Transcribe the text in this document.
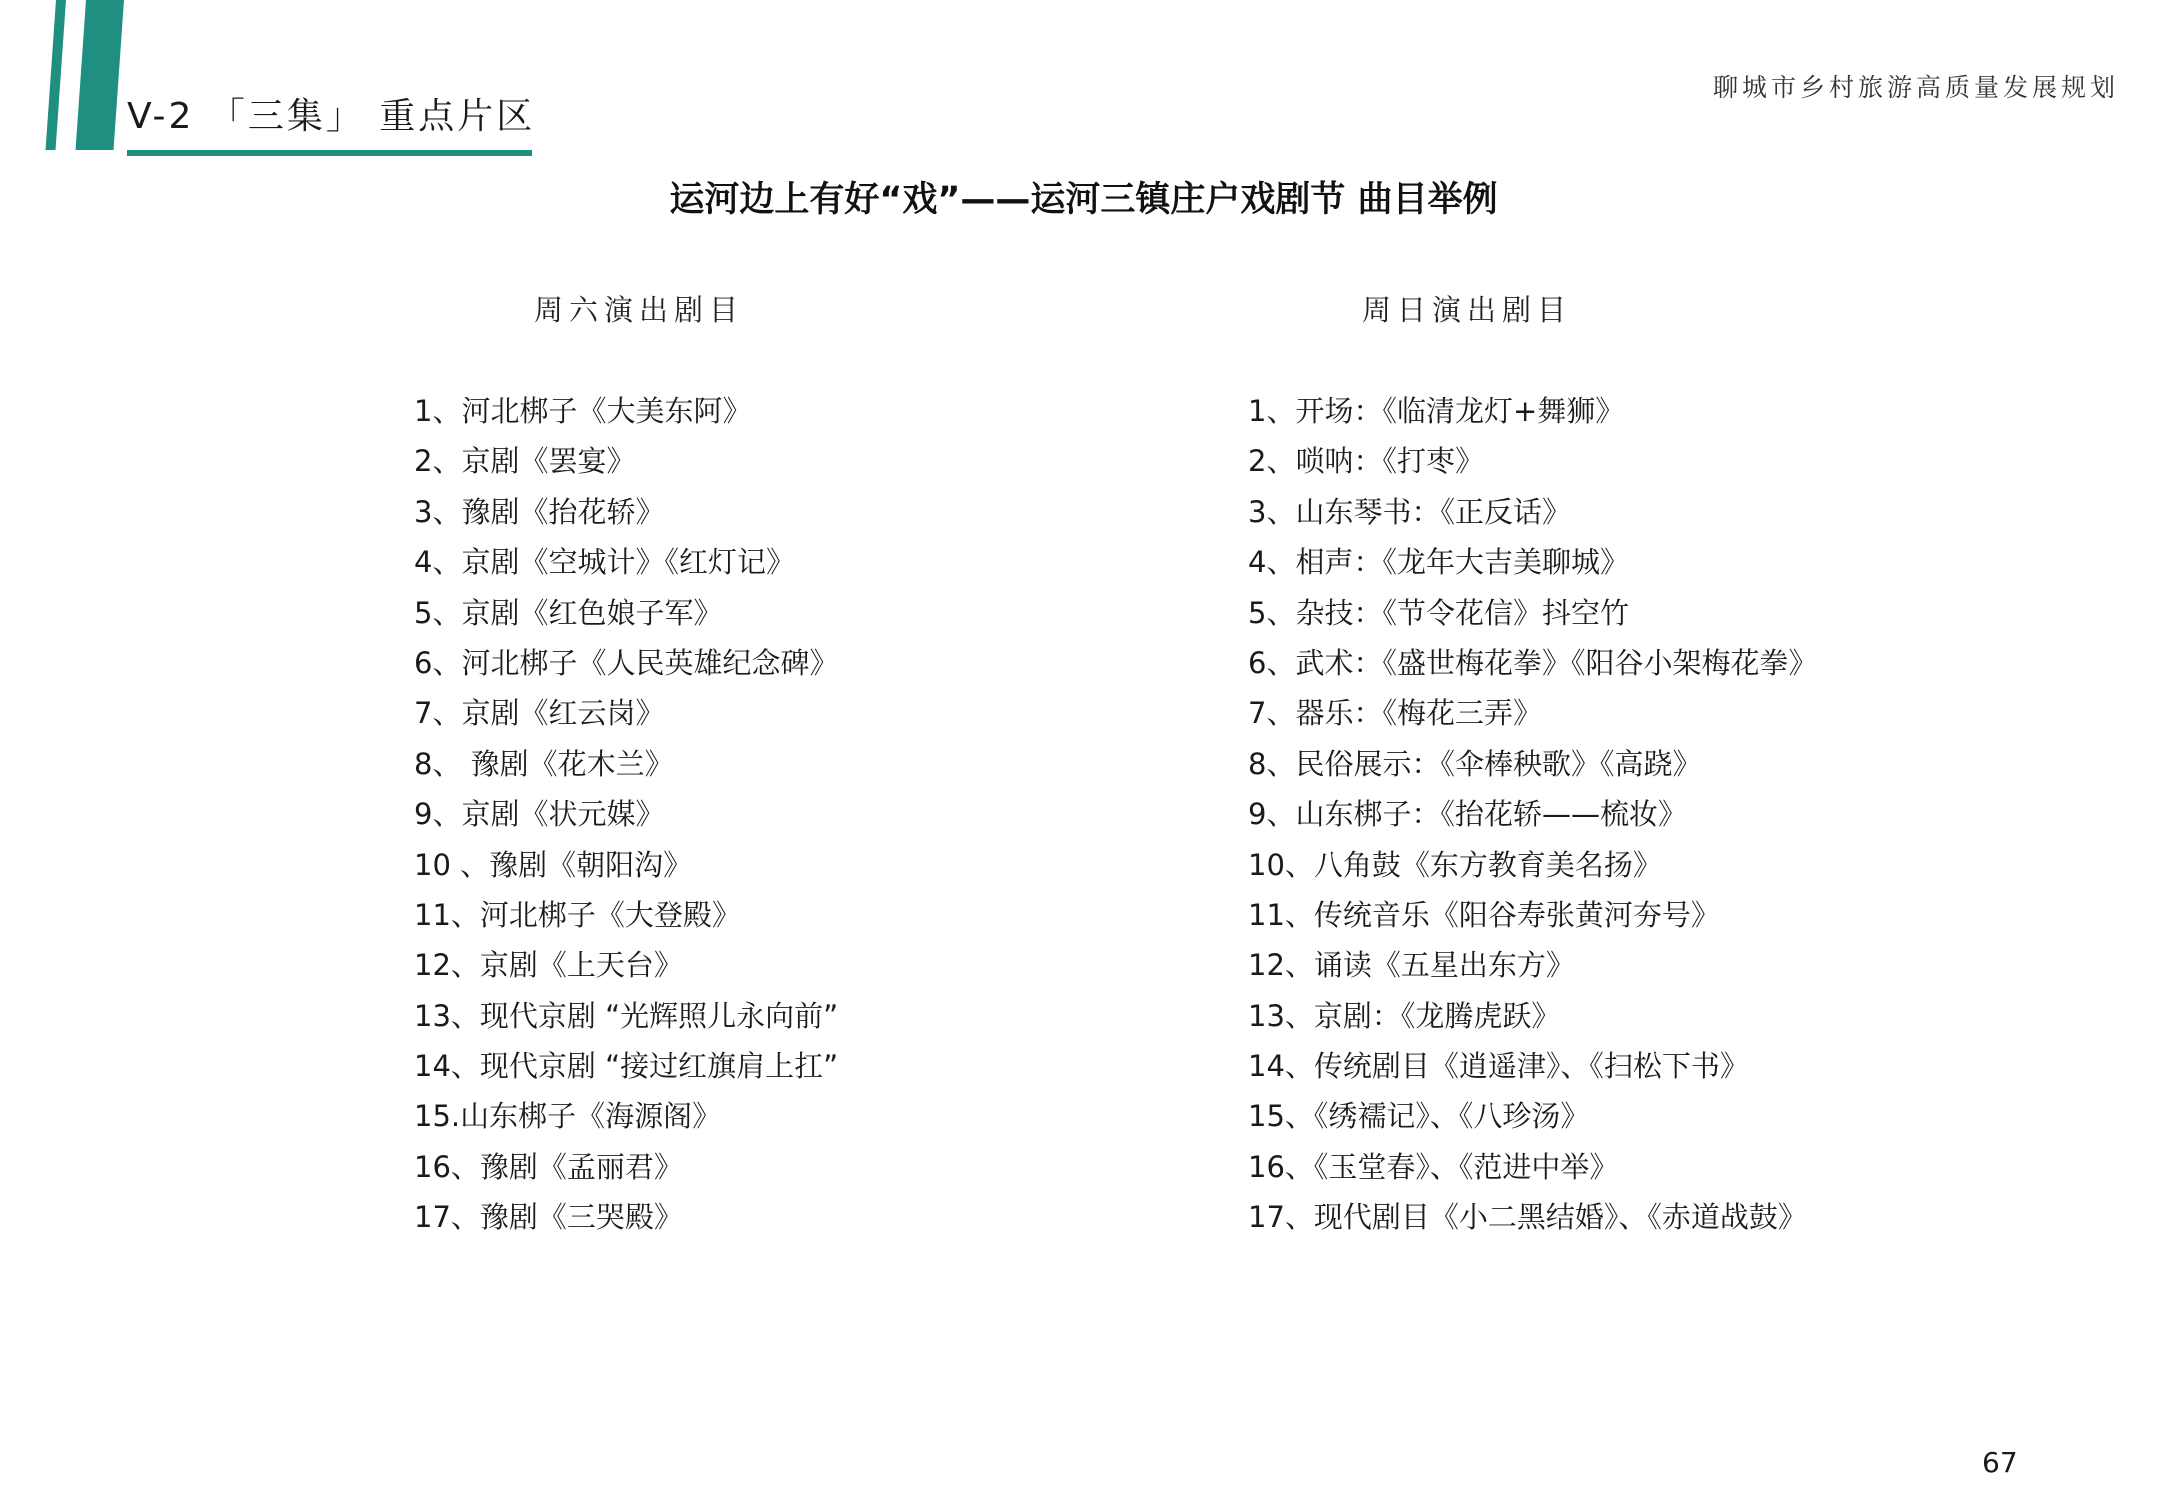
V-2 「三集」 重点片区
聊城市乡村旅游高质量发展规划
运河边上有好“戏”——运河三镇庄户戏剧节 曲目举例
周六演出剧目	周日演出剧目
1、河北梆子《大美东阿》
2、京剧《罢宴》
3、豫剧《抬花轿》
4、京剧《空城计》《红灯记》
5、京剧《红色娘子军》
6、河北梆子《人民英雄纪念碑》
7、京剧《红云岗》
8、 豫剧《花木兰》
9、京剧《状元媒》
10 、豫剧《朝阳沟》
11、河北梆子《大登殿》
12、京剧《上天台》
13、现代京剧 “光辉照儿永向前”
14、现代京剧 “接过红旗肩上扛”
15.山东梆子《海源阁》
16、豫剧《孟丽君》
17、豫剧《三哭殿》
1、开场：《临清龙灯+舞狮》
2、唢呐：《打枣》
3、山东琴书：《正反话》
4、相声：《龙年大吉美聊城》
5、杂技：《节令花信》抖空竹
6、武术：《盛世梅花拳》《阳谷小架梅花拳》
7、器乐：《梅花三弄》
8、民俗展示：《伞棒秧歌》《高跷》
9、山东梆子：《抬花轿——梳妆》
10、八角鼓《东方教育美名扬》
11、传统音乐《阳谷寿张黄河夯号》
12、诵读《五星出东方》
13、京剧：《龙腾虎跃》
14、传统剧目《逍遥津》、《扫松下书》
15、《绣襦记》、《八珍汤》
16、《玉堂春》、《范进中举》
17、现代剧目《小二黑结婚》、《赤道战鼓》
67
